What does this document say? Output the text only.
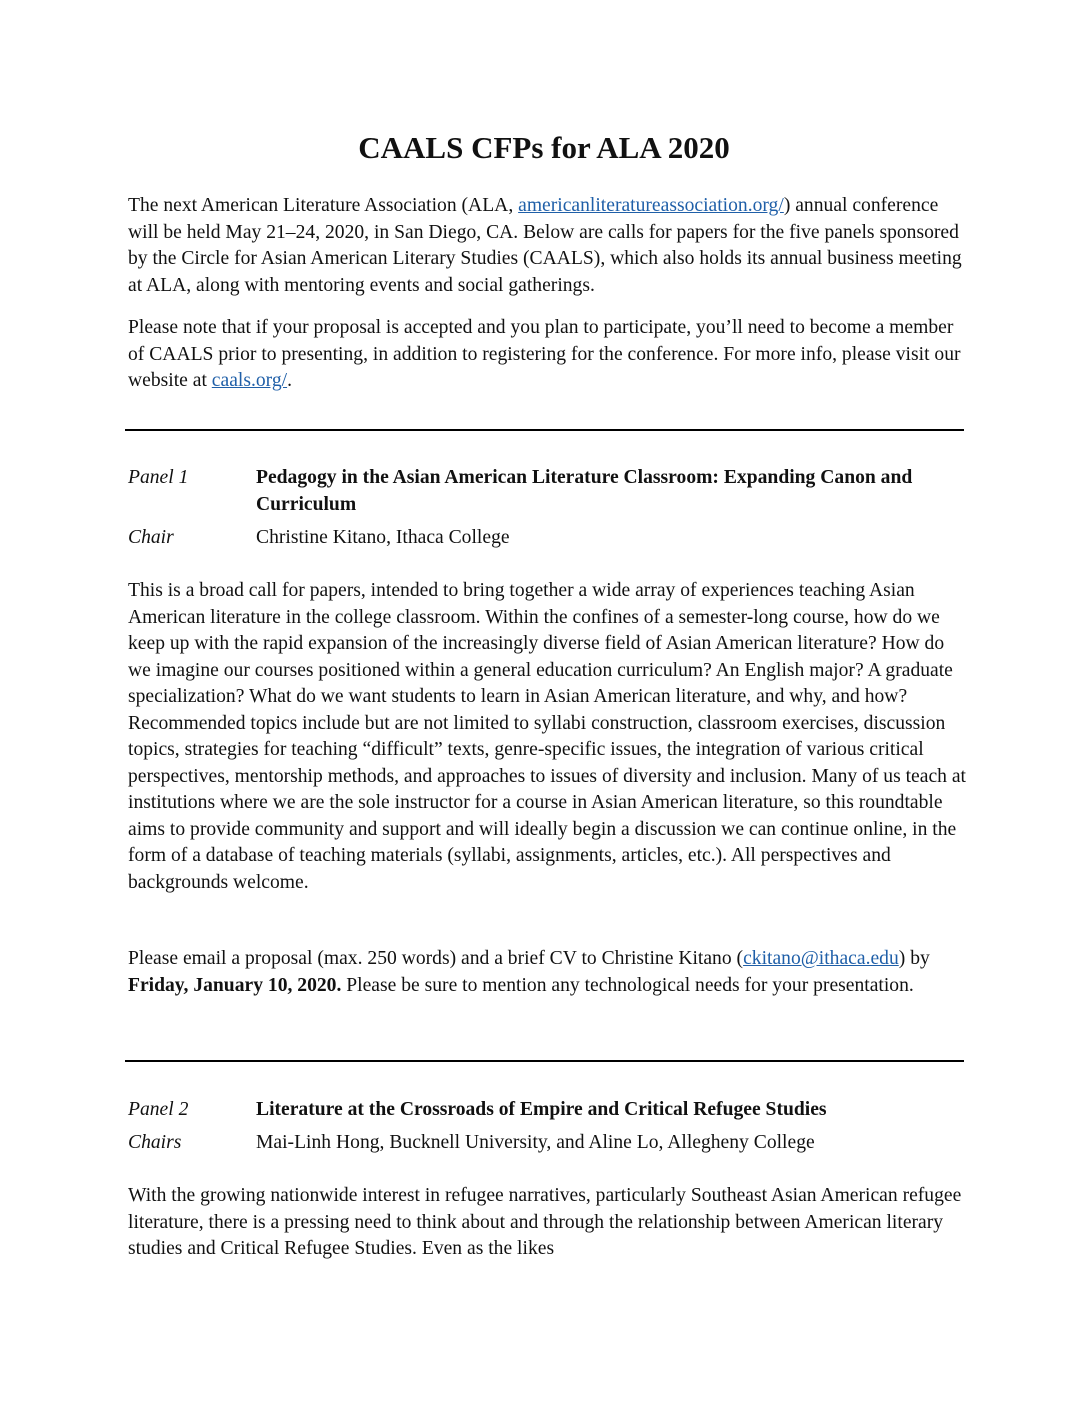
CAALS CFPs for ALA 2020

The next American Literature Association (ALA, americanliteratureassociation.org/) annual conference will be held May 21–24, 2020, in San Diego, CA. Below are calls for papers for the five panels sponsored by the Circle for Asian American Literary Studies (CAALS), which also holds its annual business meeting at ALA, along with mentoring events and social gatherings.

Please note that if your proposal is accepted and you plan to participate, you’ll need to become a member of CAALS prior to presenting, in addition to registering for the conference. For more info, please visit our website at caals.org/.

Panel 1	Pedagogy in the Asian American Literature Classroom: Expanding Canon and Curriculum
Chair	Christine Kitano, Ithaca College

This is a broad call for papers, intended to bring together a wide array of experiences teaching Asian American literature in the college classroom. Within the confines of a semester-long course, how do we keep up with the rapid expansion of the increasingly diverse field of Asian American literature? How do we imagine our courses positioned within a general education curriculum? An English major? A graduate specialization? What do we want students to learn in Asian American literature, and why, and how? Recommended topics include but are not limited to syllabi construction, classroom exercises, discussion topics, strategies for teaching “difficult” texts, genre-specific issues, the integration of various critical perspectives, mentorship methods, and approaches to issues of diversity and inclusion. Many of us teach at institutions where we are the sole instructor for a course in Asian American literature, so this roundtable aims to provide community and support and will ideally begin a discussion we can continue online, in the form of a database of teaching materials (syllabi, assignments, articles, etc.). All perspectives and backgrounds welcome.

Please email a proposal (max. 250 words) and a brief CV to Christine Kitano (ckitano@ithaca.edu) by Friday, January 10, 2020. Please be sure to mention any technological needs for your presentation.

Panel 2	Literature at the Crossroads of Empire and Critical Refugee Studies
Chairs	Mai-Linh Hong, Bucknell University, and Aline Lo, Allegheny College

With the growing nationwide interest in refugee narratives, particularly Southeast Asian American refugee literature, there is a pressing need to think about and through the relationship between American literary studies and Critical Refugee Studies. Even as the likes
